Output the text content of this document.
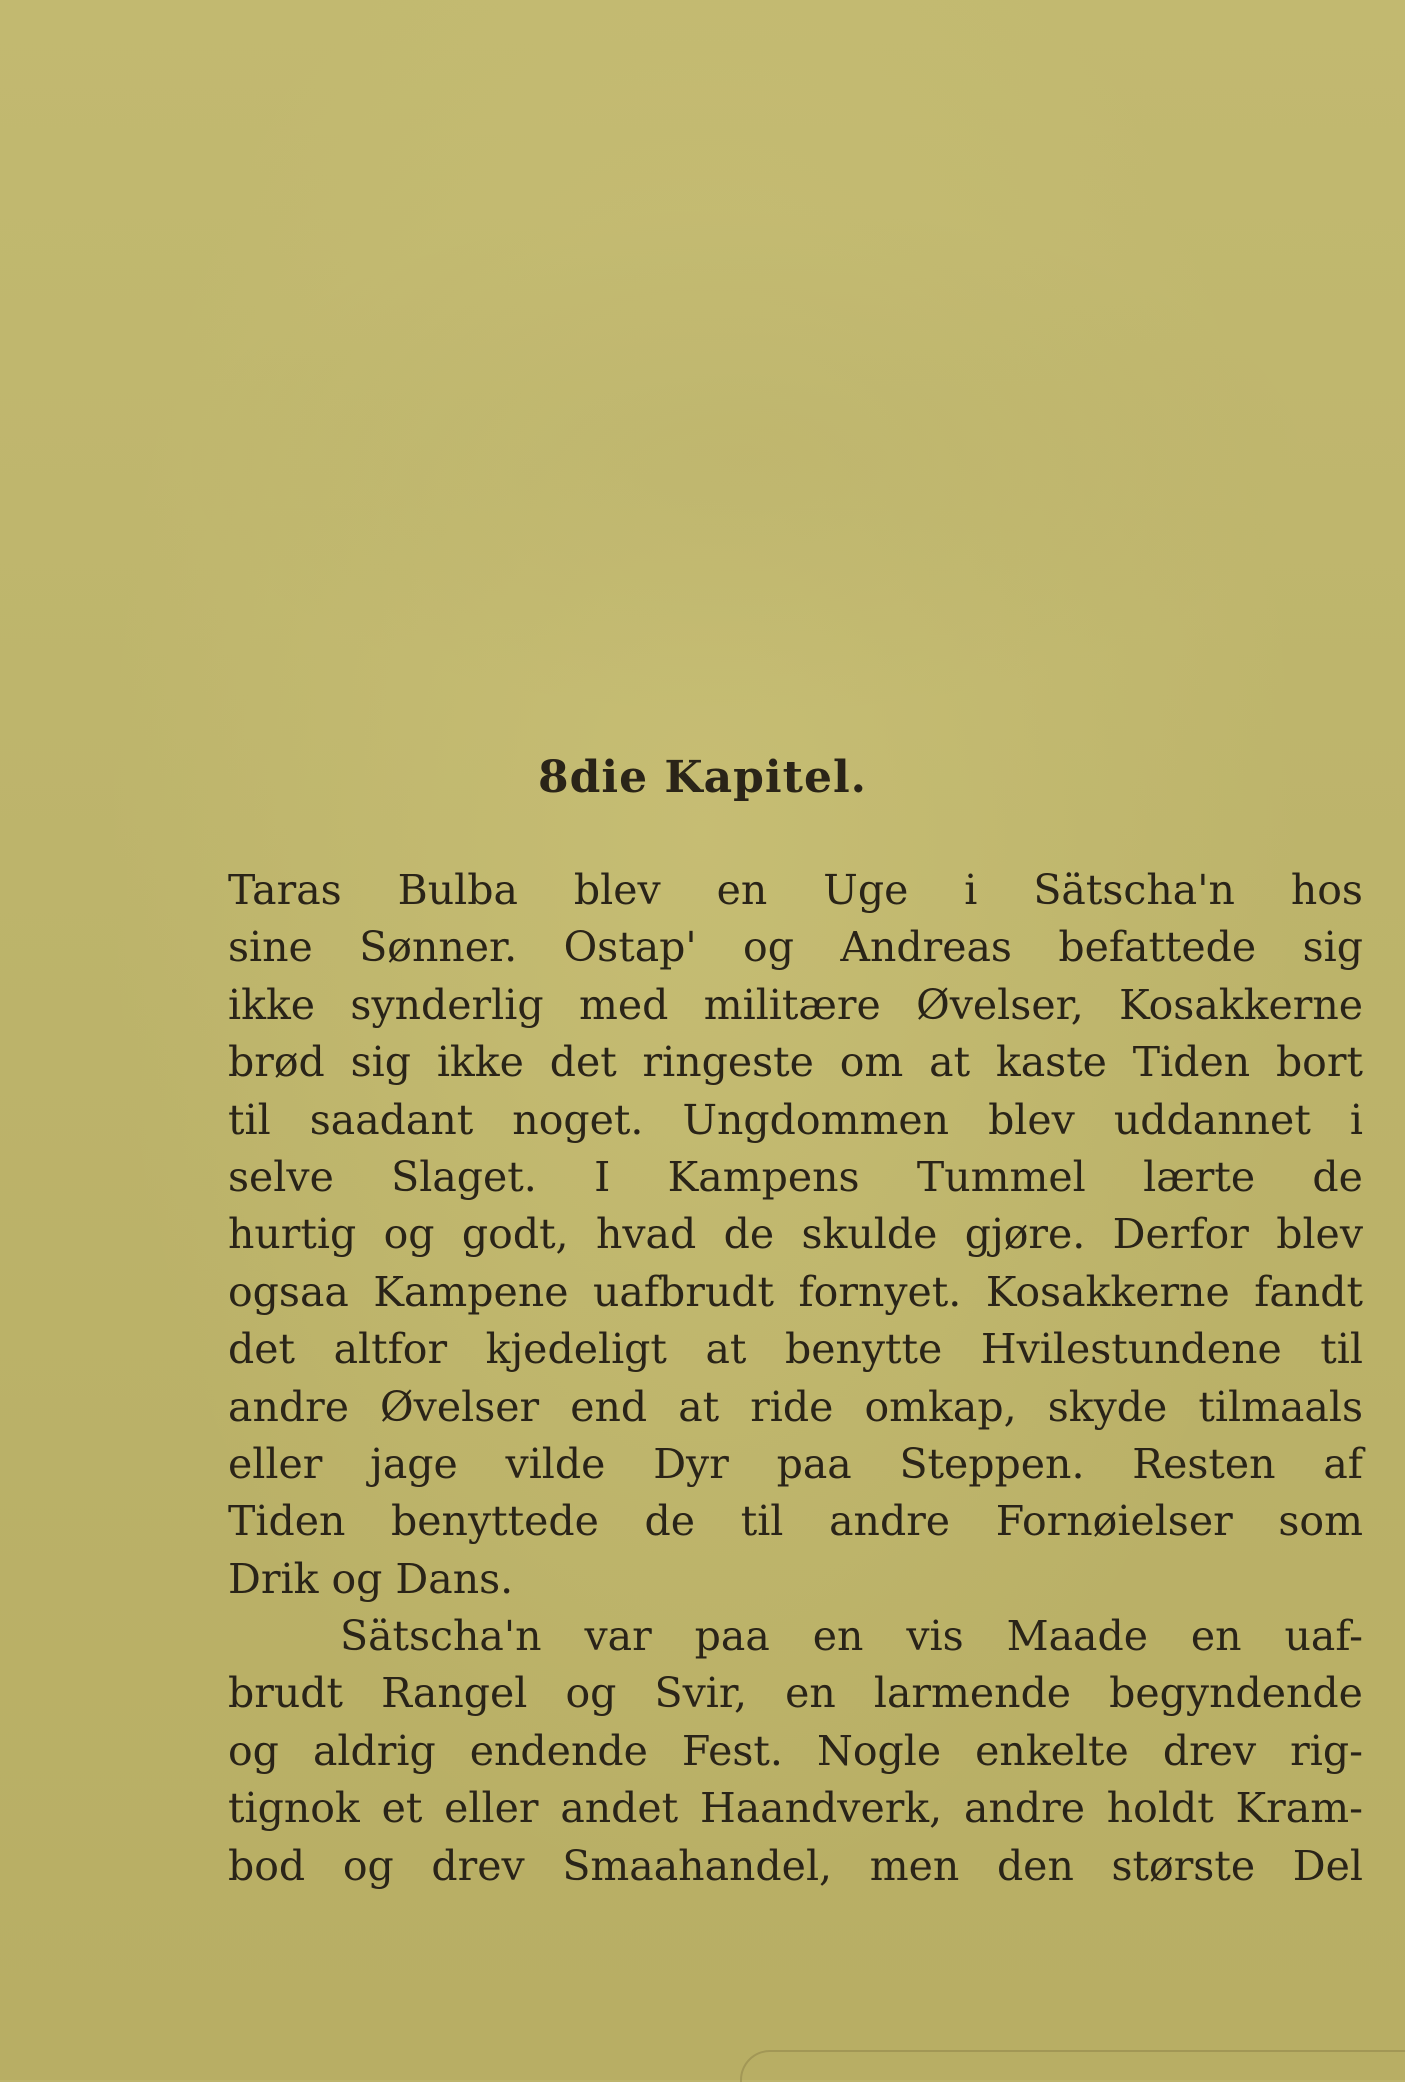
8die Kapitel.
Taras Bulba blev en Uge i Sätscha'n hos
sine Sønner. Ostap' og Andreas befattede sig
ikke synderlig med militære Øvelser, Kosakkerne
brød sig ikke det ringeste om at kaste Tiden bort
til saadant noget. Ungdommen blev uddannet i
selve Slaget. I Kampens Tummel lærte de
hurtig og godt, hvad de skulde gjøre. Derfor blev
ogsaa Kampene uafbrudt fornyet. Kosakkerne fandt
det altfor kjedeligt at benytte Hvilestundene til
andre Øvelser end at ride omkap, skyde tilmaals
eller jage vilde Dyr paa Steppen. Resten af
Tiden benyttede de til andre Fornøielser som
Drik og Dans.
Sätscha'n var paa en vis Maade en uaf-
brudt Rangel og Svir, en larmende begyndende
og aldrig endende Fest. Nogle enkelte drev rig-
tignok et eller andet Haandverk, andre holdt Kram-
bod og drev Smaahandel, men den største Del
